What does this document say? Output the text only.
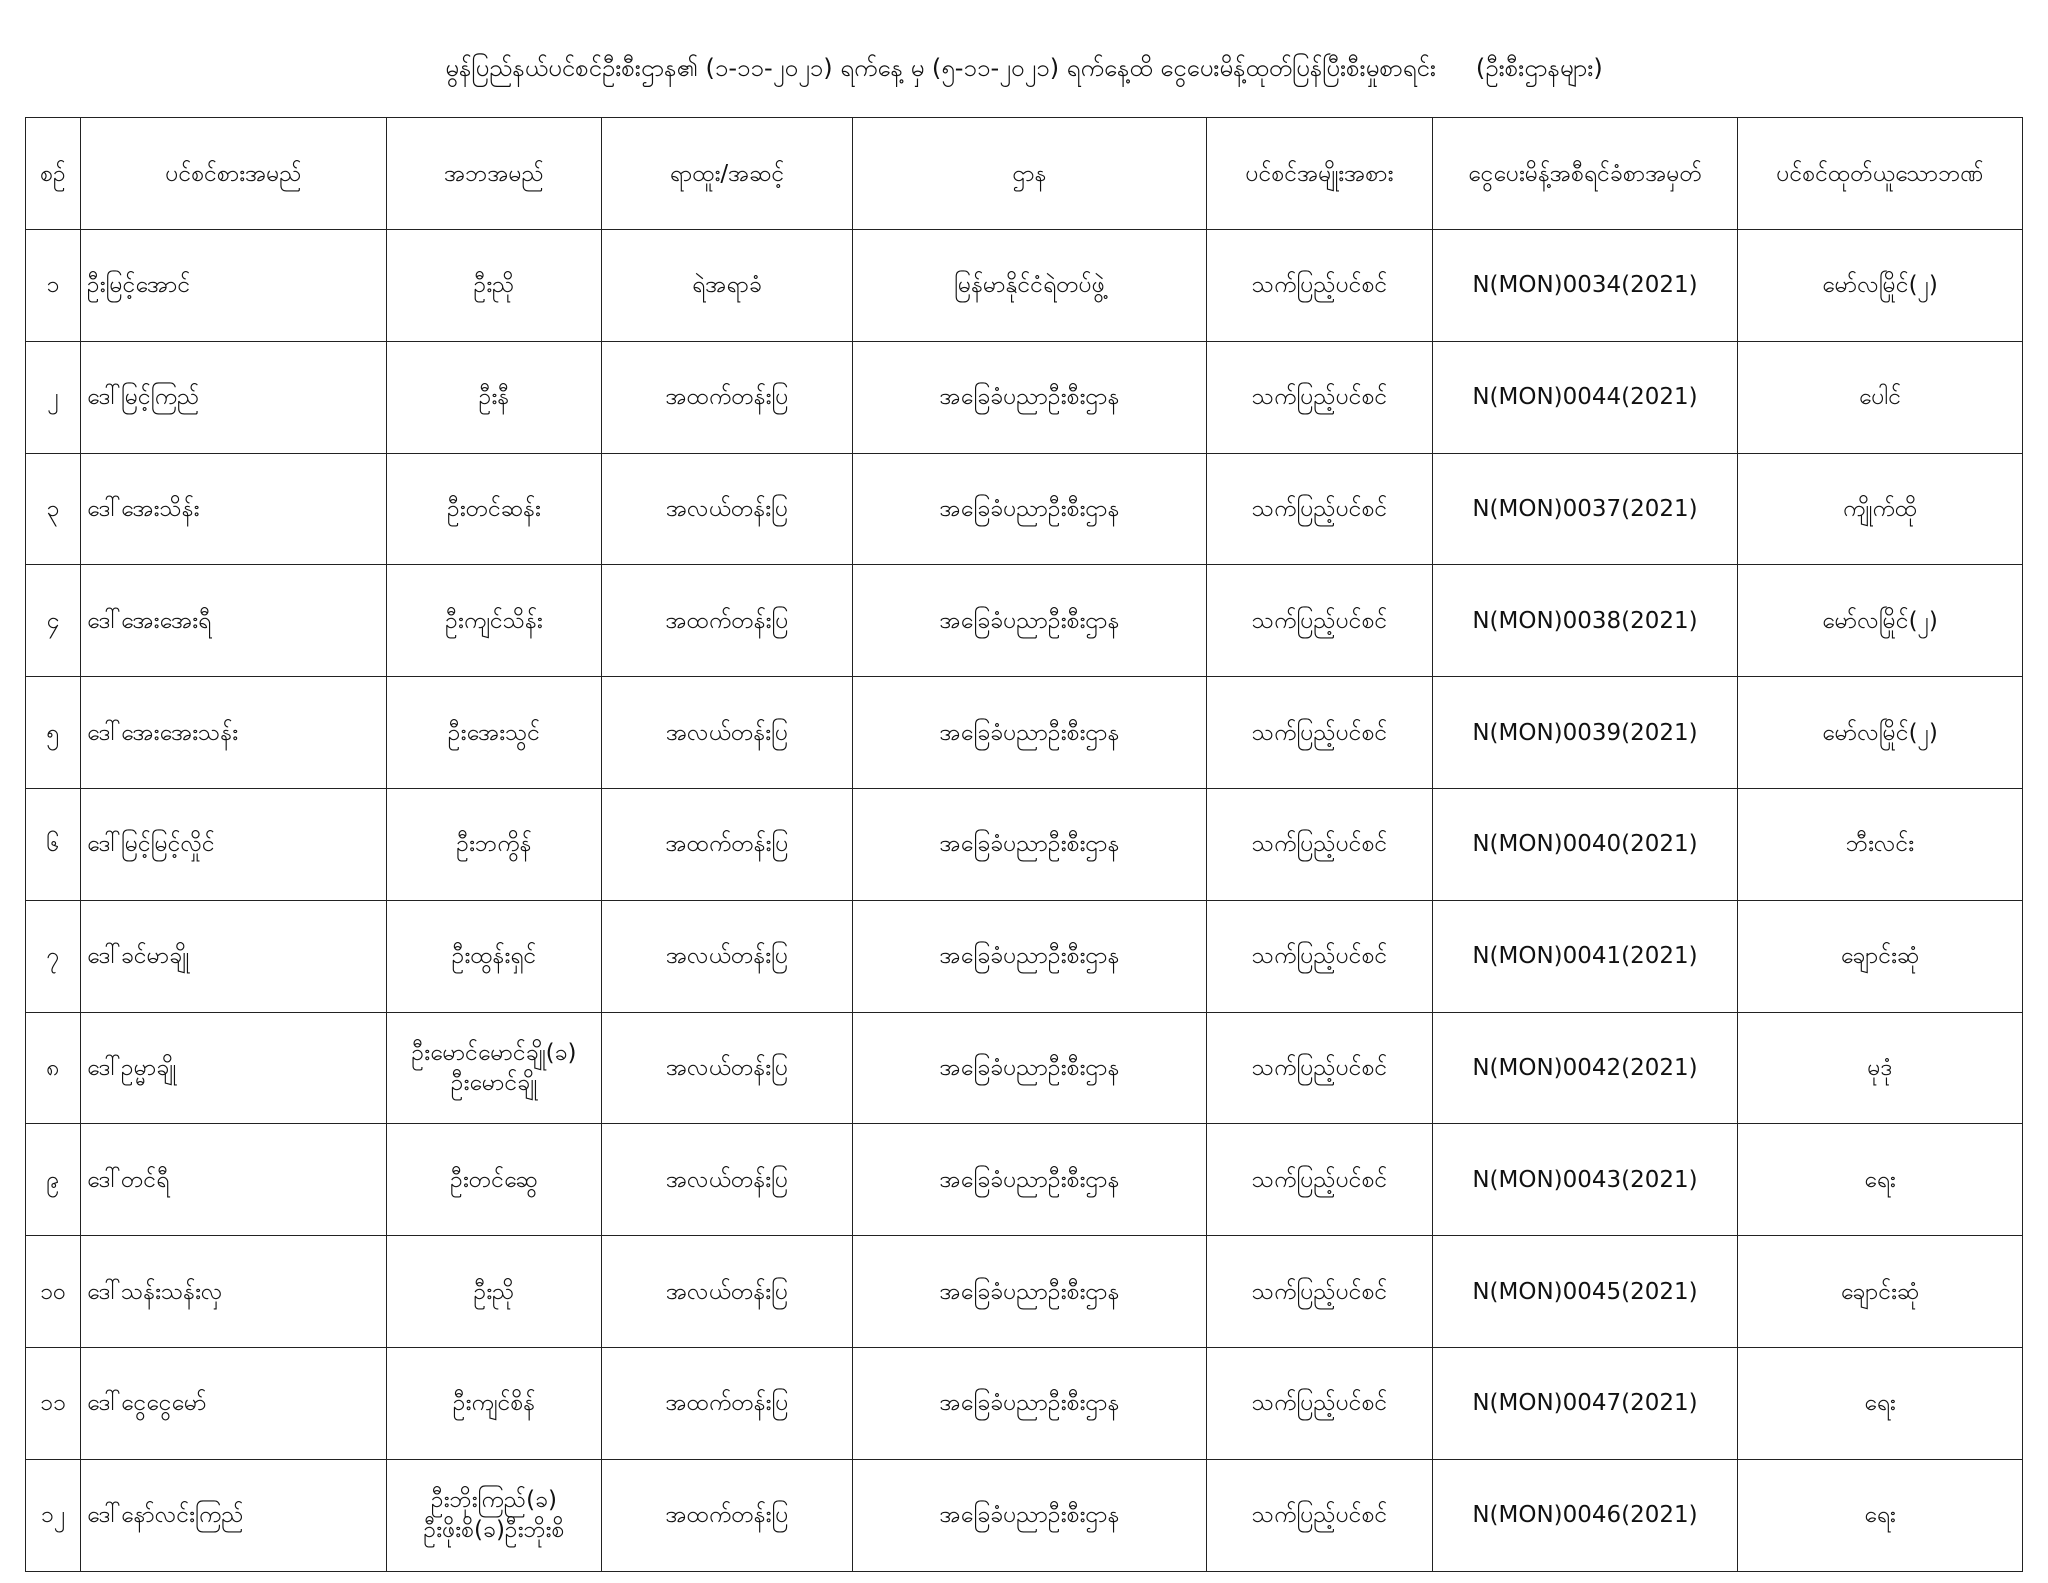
မွန်ပြည်နယ်ပင်စင်ဦးစီးဌာန၏ (၁-၁၁-၂၀၂၁) ရက်နေ့ မှ (၅-၁၁-၂၀၂၁) ရက်နေ့ထိ ငွေပေးမိန့်ထုတ်ပြန်ပြီးစီးမှုစာရင်း (ဦးစီးဌာနများ)
စဉ်	ပင်စင်စားအမည်	အဘအမည်	ရာထူး/အဆင့်	ဌာန	ပင်စင်အမျိုးအစား	ငွေပေးမိန့်အစီရင်ခံစာအမှတ်	ပင်စင်ထုတ်ယူသောဘဏ်
၁	ဦးမြင့်အောင်	ဦးညို	ရဲအရာခံ	မြန်မာနိုင်ငံရဲတပ်ဖွဲ့	သက်ပြည့်ပင်စင်	N(MON)0034(2021)	မော်လမြိုင်(၂)
၂	ဒေါ်မြင့်ကြည်	ဦးနီ	အထက်တန်းပြ	အခြေခံပညာဦးစီးဌာန	သက်ပြည့်ပင်စင်	N(MON)0044(2021)	ပေါင်
၃	ဒေါ်အေးသိန်း	ဦးတင်ဆန်း	အလယ်တန်းပြ	အခြေခံပညာဦးစီးဌာန	သက်ပြည့်ပင်စင်	N(MON)0037(2021)	ကျိုက်ထို
၄	ဒေါ်အေးအေးရီ	ဦးကျင်သိန်း	အထက်တန်းပြ	အခြေခံပညာဦးစီးဌာန	သက်ပြည့်ပင်စင်	N(MON)0038(2021)	မော်လမြိုင်(၂)
၅	ဒေါ်အေးအေးသန်း	ဦးအေးသွင်	အလယ်တန်းပြ	အခြေခံပညာဦးစီးဌာန	သက်ပြည့်ပင်စင်	N(MON)0039(2021)	မော်လမြိုင်(၂)
၆	ဒေါ်မြင့်မြင့်လှိုင်	ဦးဘကွိန်	အထက်တန်းပြ	အခြေခံပညာဦးစီးဌာန	သက်ပြည့်ပင်စင်	N(MON)0040(2021)	ဘီးလင်း
၇	ဒေါ်ခင်မာချို	ဦးထွန်းရှင်	အလယ်တန်းပြ	အခြေခံပညာဦးစီးဌာန	သက်ပြည့်ပင်စင်	N(MON)0041(2021)	ချောင်းဆုံ
၈	ဒေါ်ဥမ္မာချို	ဦးမောင်မောင်ချို(ခ)
ဦးမောင်ချို	အလယ်တန်းပြ	အခြေခံပညာဦးစီးဌာန	သက်ပြည့်ပင်စင်	N(MON)0042(2021)	မုဒုံ
၉	ဒေါ်တင်ရီ	ဦးတင်ဆွေ	အလယ်တန်းပြ	အခြေခံပညာဦးစီးဌာန	သက်ပြည့်ပင်စင်	N(MON)0043(2021)	ရေး
၁၀	ဒေါ်သန်းသန်းလှ	ဦးညို	အလယ်တန်းပြ	အခြေခံပညာဦးစီးဌာန	သက်ပြည့်ပင်စင်	N(MON)0045(2021)	ချောင်းဆုံ
၁၁	ဒေါ်ငွေငွေမော်	ဦးကျင်စိန်	အထက်တန်းပြ	အခြေခံပညာဦးစီးဌာန	သက်ပြည့်ပင်စင်	N(MON)0047(2021)	ရေး
၁၂	ဒေါ်နော်လင်းကြည်	ဦးဘိုးကြည်(ခ)
ဦးဖိုးစိ(ခ)ဦးဘိုးစိ	အထက်တန်းပြ	အခြေခံပညာဦးစီးဌာန	သက်ပြည့်ပင်စင်	N(MON)0046(2021)	ရေး
